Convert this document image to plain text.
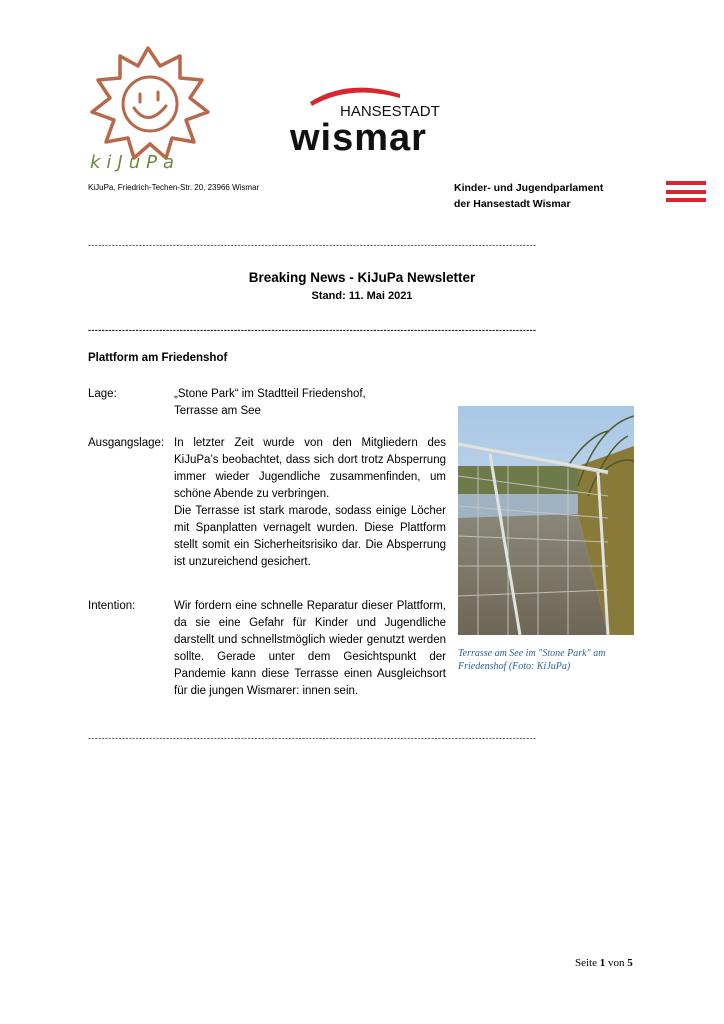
kiJuPa
HANSESTADT
wismar
KiJuPa, Friedrich-Techen-Str. 20, 23966 Wismar	Kinder- und Jugendparlament
der Hansestadt Wismar
------------------------------------------------------------------------------------------------------------------------------------
Breaking News - KiJuPa Newsletter
Stand: 11. Mai 2021
------------------------------------------------------------------------------------------------------------------------------------
Plattform am Friedenshof
Lage:	„Stone Park“ im Stadtteil Friedenshof,

Terrasse am See

Ausgangslage: In letzter Zeit wurde von den Mitgliedern des KiJuPa’s beobachtet, dass sich dort trotz Absperrung immer wieder Jugendliche zusammenfinden, um schöne Abende zu verbringen.

Die Terrasse ist stark marode, sodass einige Löcher mit Spanplatten vernagelt wurden. Diese Plattform stellt somit ein Sicherheitsrisiko dar. Die Absperrung ist unzureichend gesichert.

Intention:	Wir fordern eine schnelle Reparatur dieser Plattform, da sie eine Gefahr für Kinder und Jugendliche darstellt und schnellstmöglich wieder genutzt werden sollte. Gerade unter dem Gesichtspunkt der Pandemie kann diese Terrasse einen Ausgleichsort für die jungen Wismarer: innen sein.

Terrasse am See im "Stone Park" am Friedenshof (Foto: KiJuPa)
------------------------------------------------------------------------------------------------------------------------------------
Seite 1 von 5
